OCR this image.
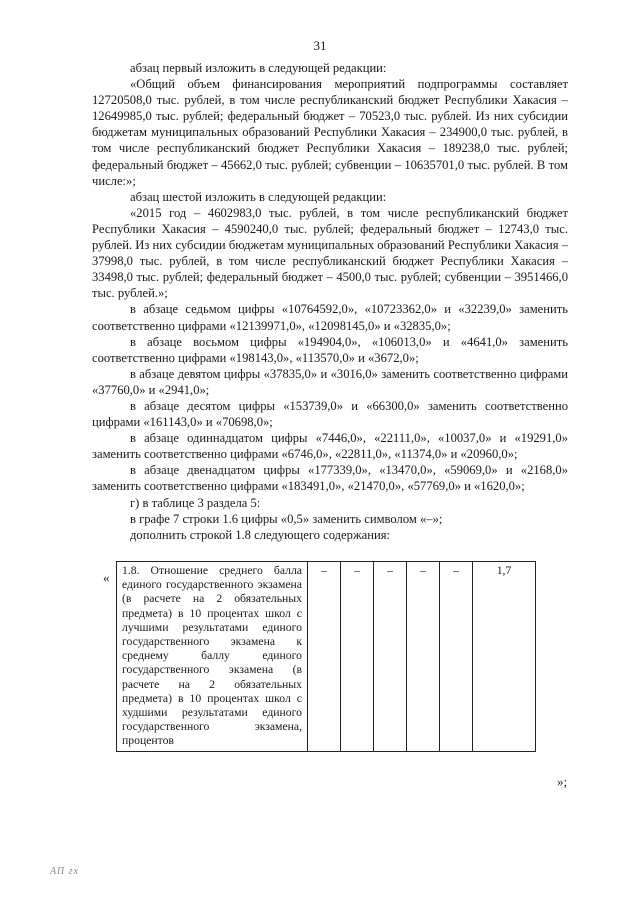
31

абзац первый изложить в следующей редакции:

«Общий объем финансирования мероприятий подпрограммы составляет 12720508,0 тыс. рублей, в том числе республиканский бюджет Республики Хакасия – 12649985,0 тыс. рублей; федеральный бюджет – 70523,0 тыс. рублей. Из них субсидии бюджетам муниципальных образований Республики Хакасия – 234900,0 тыс. рублей, в том числе республиканский бюджет Республики Хакасия – 189238,0 тыс. рублей; федеральный бюджет – 45662,0 тыс. рублей; субвенции – 10635701,0 тыс. рублей. В том числе:»;

абзац шестой изложить в следующей редакции:

«2015 год – 4602983,0 тыс. рублей, в том числе республиканский бюджет Республики Хакасия – 4590240,0 тыс. рублей; федеральный бюджет – 12743,0 тыс. рублей. Из них субсидии бюджетам муниципальных образований Республики Хакасия – 37998,0 тыс. рублей, в том числе республиканский бюджет Республики Хакасия – 33498,0 тыс. рублей; федеральный бюджет – 4500,0 тыс. рублей; субвенции – 3951466,0 тыс. рублей.»;

в абзаце седьмом цифры «10764592,0», «10723362,0» и «32239,0» заменить соответственно цифрами «12139971,0», «12098145,0» и «32835,0»;

в абзаце восьмом цифры «194904,0», «106013,0» и «4641,0» заменить соответственно цифрами «198143,0», «113570,0» и «3672,0»;

в абзаце девятом цифры «37835,0» и «3016,0» заменить соответственно цифрами «37760,0» и «2941,0»;

в абзаце десятом цифры «153739,0» и «66300,0» заменить соответственно цифрами «161143,0» и «70698,0»;

в абзаце одиннадцатом цифры «7446,0», «22111,0», «10037,0» и «19291,0» заменить соответственно цифрами «6746,0», «22811,0», «11374,0» и «20960,0»;

в абзаце двенадцатом цифры «177339,0», «13470,0», «59069,0» и «2168,0» заменить соответственно цифрами «183491,0», «21470,0», «57769,0» и «1620,0»;

г) в таблице 3 раздела 5:

в графе 7 строки 1.6 цифры «0,5» заменить символом «–»;

дополнить строкой 1.8 следующего содержания:

« 1.8. Отношение среднего балла единого государственного экзамена (в расчете на 2 обязательных предмета) в 10 процентах школ с лучшими результатами единого государственного экзамена к среднему баллу единого государственного экзамена (в расчете на 2 обязательных предмета) в 10 процентах школ с худшими результатами единого государственного экзамена, процентов	–	–	–	–	–	1,7
»;
АП гх
